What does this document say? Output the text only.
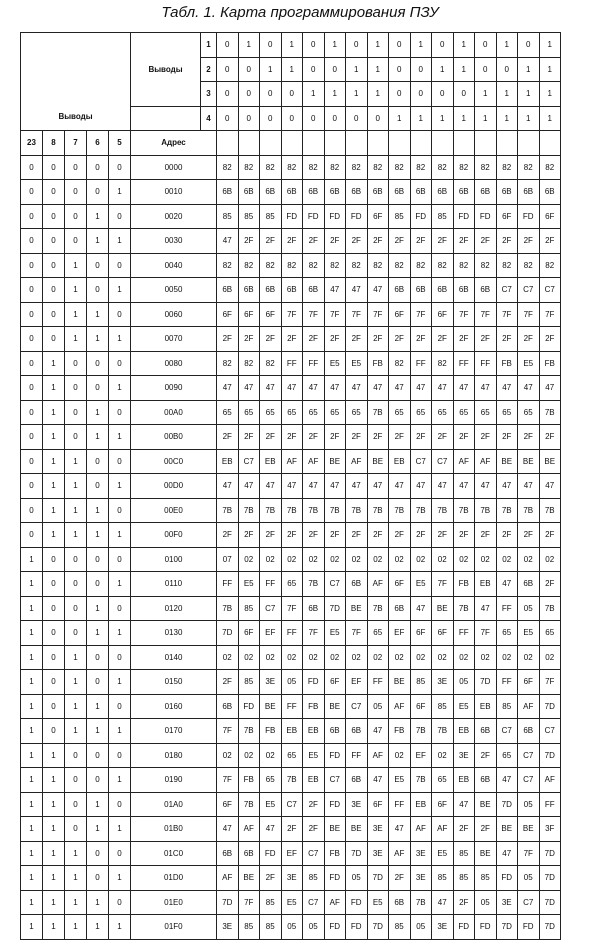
Табл. 1. Карта программирования ПЗУ
					Выводы	1	0	1	0	1	0	1	0	1	0	1	0	1	0	1	0	1
						2	0	0	1	1	0	0	1	1	0	0	1	1	0	0	1	1
						3	0	0	0	0	1	1	1	1	0	0	0	0	1	1	1	1
Выводы						4	0	0	0	0	0	0	0	0	1	1	1	1	1	1	1	1
23	8	7	6	5	Адрес																	
0	0	0	0	0	0000		82	82	82	82	82	82	82	82	82	82	82	82	82	82	82	82
0	0	0	0	1	0010		6B	6B	6B	6B	6B	6B	6B	6B	6B	6B	6B	6B	6B	6B	6B	6B
0	0	0	1	0	0020		85	85	85	FD	FD	FD	FD	6F	85	FD	85	FD	FD	6F	FD	6F
0	0	0	1	1	0030		47	2F	2F	2F	2F	2F	2F	2F	2F	2F	2F	2F	2F	2F	2F	2F
0	0	1	0	0	0040		82	82	82	82	82	82	82	82	82	82	82	82	82	82	82	82
0	0	1	0	1	0050		6B	6B	6B	6B	6B	47	47	47	6B	6B	6B	6B	6B	C7	C7	C7
0	0	1	1	0	0060		6F	6F	6F	7F	7F	7F	7F	7F	6F	7F	6F	7F	7F	7F	7F	7F
0	0	1	1	1	0070		2F	2F	2F	2F	2F	2F	2F	2F	2F	2F	2F	2F	2F	2F	2F	2F
0	1	0	0	0	0080		82	82	82	FF	FF	E5	E5	FB	82	FF	82	FF	FF	FB	E5	FB
0	1	0	0	1	0090		47	47	47	47	47	47	47	47	47	47	47	47	47	47	47	47
0	1	0	1	0	00A0		65	65	65	65	65	65	65	7B	65	65	65	65	65	65	65	7B
0	1	0	1	1	00B0		2F	2F	2F	2F	2F	2F	2F	2F	2F	2F	2F	2F	2F	2F	2F	2F
0	1	1	0	0	00C0		EB	C7	EB	AF	AF	BE	AF	BE	EB	C7	C7	AF	AF	BE	BE	BE
0	1	1	0	1	00D0		47	47	47	47	47	47	47	47	47	47	47	47	47	47	47	47
0	1	1	1	0	00E0		7B	7B	7B	7B	7B	7B	7B	7B	7B	7B	7B	7B	7B	7B	7B	7B
0	1	1	1	1	00F0		2F	2F	2F	2F	2F	2F	2F	2F	2F	2F	2F	2F	2F	2F	2F	2F
1	0	0	0	0	0100		07	02	02	02	02	02	02	02	02	02	02	02	02	02	02	02
1	0	0	0	1	0110		FF	E5	FF	65	7B	C7	6B	AF	6F	E5	7F	FB	EB	47	6B	2F
1	0	0	1	0	0120		7B	85	C7	7F	6B	7D	BE	7B	6B	47	BE	7B	47	FF	05	7B
1	0	0	1	1	0130		7D	6F	EF	FF	7F	E5	7F	65	EF	6F	6F	FF	7F	65	E5	65
1	0	1	0	0	0140		02	02	02	02	02	02	02	02	02	02	02	02	02	02	02	02
1	0	1	0	1	0150		2F	85	3E	05	FD	6F	EF	FF	BE	85	3E	05	7D	FF	6F	7F
1	0	1	1	0	0160		6B	FD	BE	FF	FB	BE	C7	05	AF	6F	85	E5	EB	85	AF	7D
1	0	1	1	1	0170		7F	7B	FB	EB	EB	6B	6B	47	FB	7B	7B	EB	6B	C7	6B	C7
1	1	0	0	0	0180		02	02	02	65	E5	FD	FF	AF	02	EF	02	3E	2F	65	C7	7D
1	1	0	0	1	0190		7F	FB	65	7B	EB	C7	6B	47	E5	7B	65	EB	6B	47	C7	AF
1	1	0	1	0	01A0		6F	7B	E5	C7	2F	FD	3E	6F	FF	EB	6F	47	BE	7D	05	FF
1	1	0	1	1	01B0		47	AF	47	2F	2F	BE	BE	3E	47	AF	AF	2F	2F	BE	BE	3F
1	1	1	0	0	01C0		6B	6B	FD	EF	C7	FB	7D	3E	AF	3E	E5	85	BE	47	7F	7D
1	1	1	0	1	01D0		AF	BE	2F	3E	85	FD	05	7D	2F	3E	85	85	85	FD	05	7D
1	1	1	1	0	01E0		7D	7F	85	E5	C7	AF	FD	E5	6B	7B	47	2F	05	3E	C7	7D
1	1	1	1	1	01F0		3E	85	85	05	05	FD	FD	7D	85	05	3E	FD	FD	7D	FD	7D
